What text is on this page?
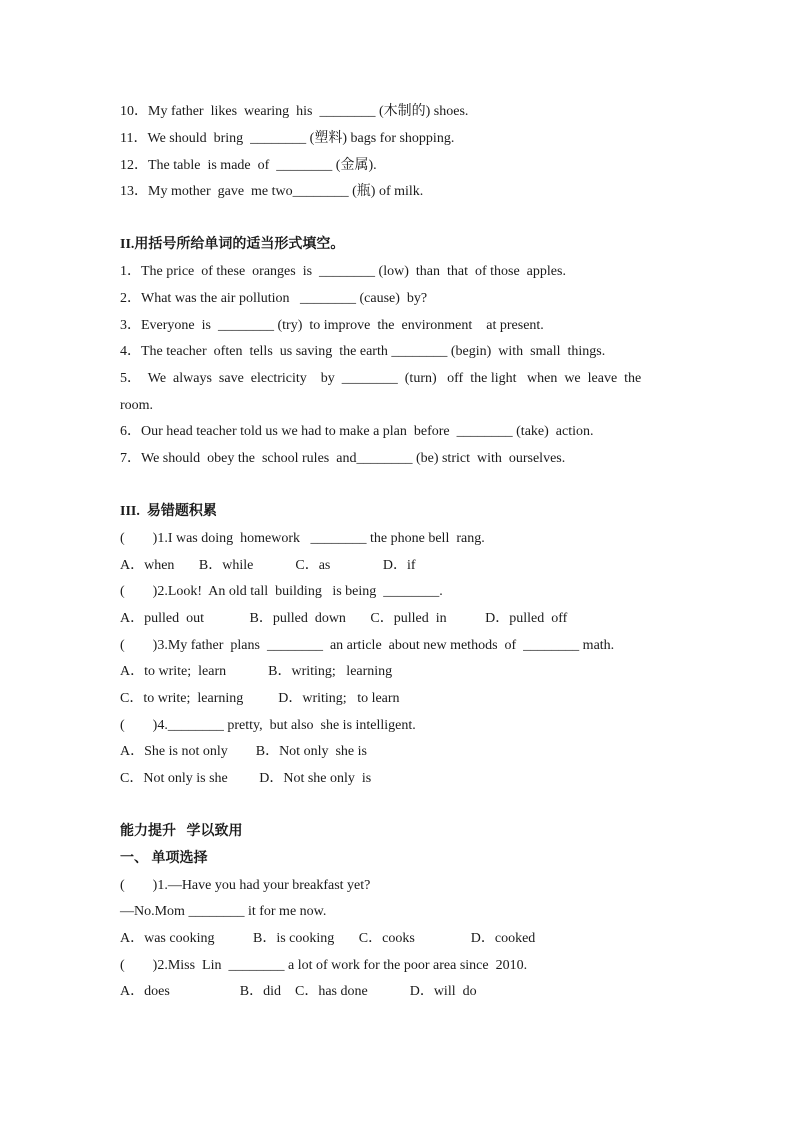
10．My father  likes  wearing  his  ________ (木制的) shoes.

11．We should  bring  ________ (塑料) bags for shopping.

12．The table  is made  of  ________ (金属).

13．My mother  gave  me two________ (瓶) of milk.

II.用括号所给单词的适当形式填空。

1．The price  of these  oranges  is  ________ (low)  than  that  of those  apples.

2．What was the air pollution   ________ (cause)  by?

3．Everyone  is  ________ (try)  to improve  the  environment    at present.

4．The teacher  often  tells  us saving  the earth ________ (begin)  with  small  things.

5．  We  always  save  electricity    by  ________  (turn)   off  the light   when  we  leave  the

room.

6．Our head teacher told us we had to make a plan  before  ________ (take)  action.

7．We should  obey the  school rules  and________ (be) strict  with  ourselves.

III.  易错题积累

(        )1.I was doing  homework   ________ the phone bell  rang.

A．when       B．while            C．as               D．if

(        )2.Look!  An old tall  building   is being  ________.

A．pulled  out             B．pulled  down       C．pulled  in           D．pulled  off

(        )3.My father  plans  ________  an article  about new methods  of  ________ math.

A．to write;  learn            B．writing;   learning

C．to write;  learning          D．writing;   to learn

(        )4.________ pretty,  but also  she is intelligent.

A．She is not only        B．Not only  she is

C．Not only is she         D．Not she only  is

能力提升   学以致用

一、 单项选择

(        )1.—Have you had your breakfast yet?

—No.Mom ________ it for me now.

A．was cooking           B．is cooking       C．cooks                D．cooked

(        )2.Miss  Lin  ________ a lot of work for the poor area since  2010.

A．does                    B．did    C．has done            D．will  do
